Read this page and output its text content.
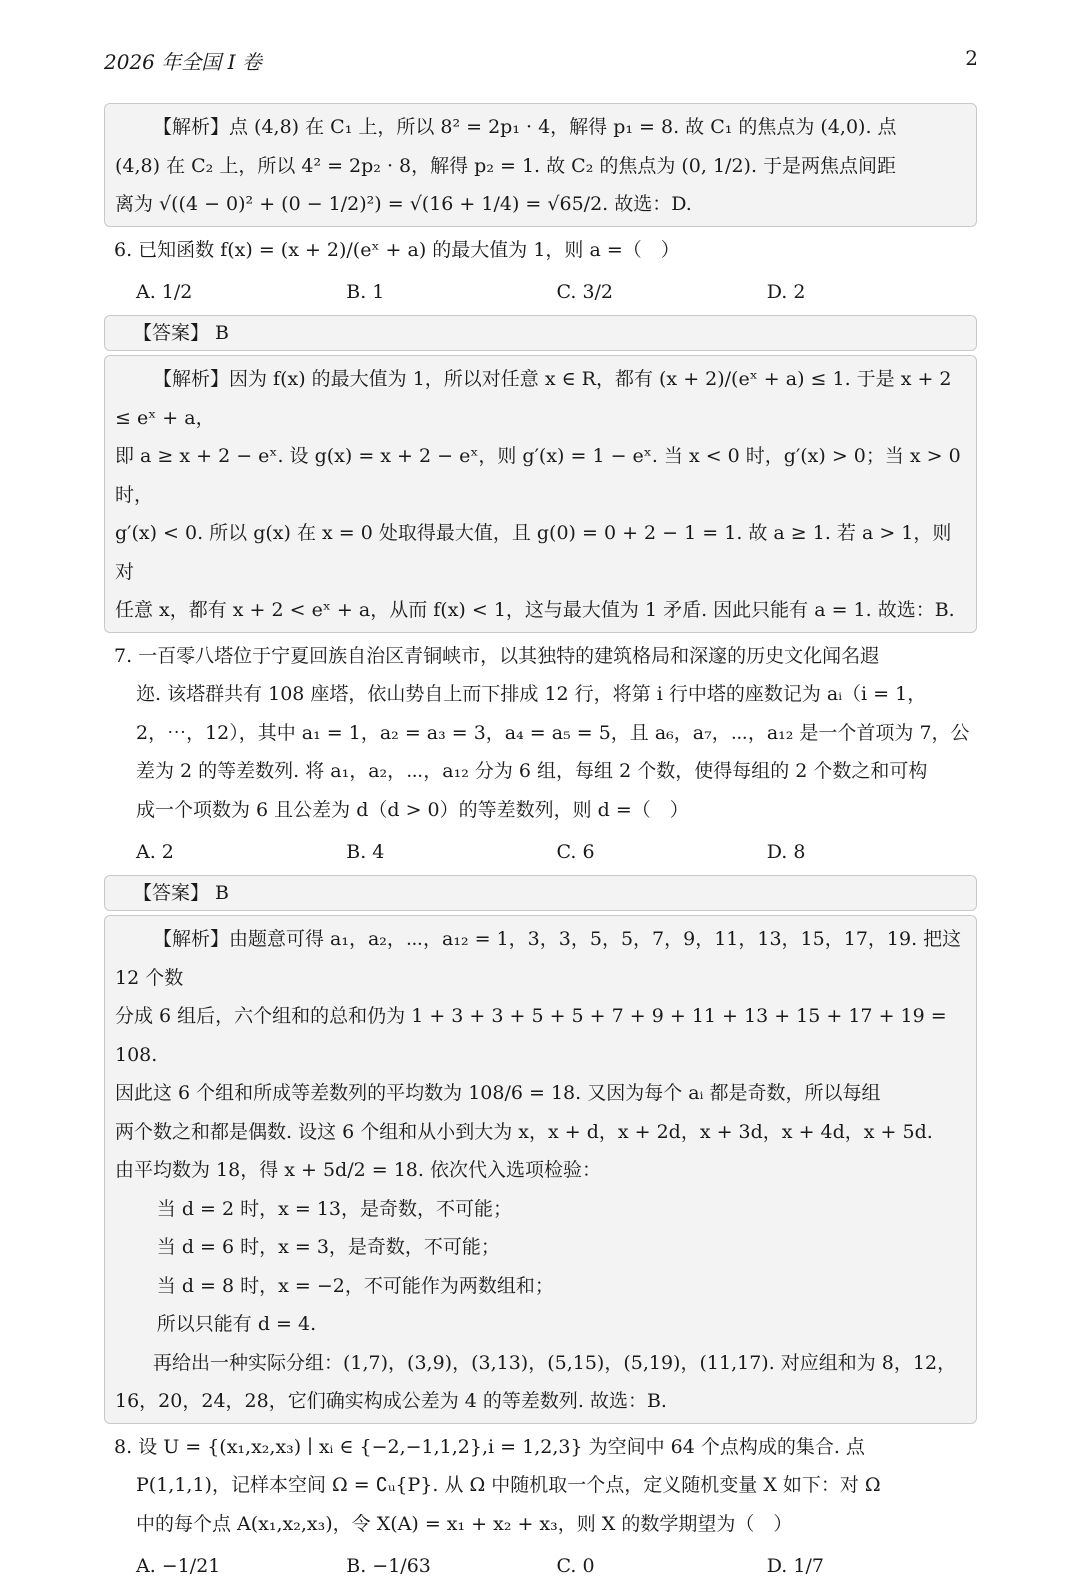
2026 年全国 I 卷	2

【解析】点 (4,8) 在 C₁ 上，所以 8² = 2p₁ · 4，解得 p₁ = 8. 故 C₁ 的焦点为 (4,0). 点

(4,8) 在 C₂ 上，所以 4² = 2p₂ · 8，解得 p₂ = 1. 故 C₂ 的焦点为 (0, 1/2). 于是两焦点间距

离为 √((4 − 0)² + (0 − 1/2)²) = √(16 + 1/4) = √65/2. 故选：D.

6. 已知函数 f(x) = (x + 2)/(eˣ + a) 的最大值为 1，则 a =（　）

A. 1/2	B. 1	C. 3/2	D. 2
【答案】 B

【解析】因为 f(x) 的最大值为 1，所以对任意 x ∈ R，都有 (x + 2)/(eˣ + a) ≤ 1. 于是 x + 2 ≤ eˣ + a，

即 a ≥ x + 2 − eˣ. 设 g(x) = x + 2 − eˣ，则 g′(x) = 1 − eˣ. 当 x < 0 时，g′(x) > 0；当 x > 0 时，

g′(x) < 0. 所以 g(x) 在 x = 0 处取得最大值，且 g(0) = 0 + 2 − 1 = 1. 故 a ≥ 1. 若 a > 1，则对

任意 x，都有 x + 2 < eˣ + a，从而 f(x) < 1，这与最大值为 1 矛盾. 因此只能有 a = 1. 故选：B.

7. 一百零八塔位于宁夏回族自治区青铜峡市，以其独特的建筑格局和深邃的历史文化闻名遐

迩. 该塔群共有 108 座塔，依山势自上而下排成 12 行，将第 i 行中塔的座数记为 aᵢ（i = 1，

2，⋯，12），其中 a₁ = 1，a₂ = a₃ = 3，a₄ = a₅ = 5，且 a₆，a₇，⋯，a₁₂ 是一个首项为 7，公

差为 2 的等差数列. 将 a₁，a₂，⋯，a₁₂ 分为 6 组，每组 2 个数，使得每组的 2 个数之和可构

成一个项数为 6 且公差为 d（d > 0）的等差数列，则 d =（　）

A. 2	B. 4	C. 6	D. 8
【答案】 B

【解析】由题意可得 a₁，a₂，⋯，a₁₂ = 1，3，3，5，5，7，9，11，13，15，17，19. 把这 12 个数

分成 6 组后，六个组和的总和仍为 1 + 3 + 3 + 5 + 5 + 7 + 9 + 11 + 13 + 15 + 17 + 19 = 108.

因此这 6 个组和所成等差数列的平均数为 108/6 = 18. 又因为每个 aᵢ 都是奇数，所以每组

两个数之和都是偶数. 设这 6 个组和从小到大为 x，x + d，x + 2d，x + 3d，x + 4d，x + 5d.

由平均数为 18，得 x + 5d/2 = 18. 依次代入选项检验：

当 d = 2 时，x = 13，是奇数，不可能；

当 d = 6 时，x = 3，是奇数，不可能；

当 d = 8 时，x = −2，不可能作为两数组和；

所以只能有 d = 4.

再给出一种实际分组：(1,7)，(3,9)，(3,13)，(5,15)，(5,19)，(11,17). 对应组和为 8，12，

16，20，24，28，它们确实构成公差为 4 的等差数列. 故选：B.

8. 设 U = {(x₁,x₂,x₃) ∣ xᵢ ∈ {−2,−1,1,2},i = 1,2,3} 为空间中 64 个点构成的集合. 点

P(1,1,1)，记样本空间 Ω = ∁ᵤ{P}. 从 Ω 中随机取一个点，定义随机变量 X 如下：对 Ω

中的每个点 A(x₁,x₂,x₃)，令 X(A) = x₁ + x₂ + x₃，则 X 的数学期望为（　）

A. −1/21	B. −1/63	C. 0	D. 1/7
